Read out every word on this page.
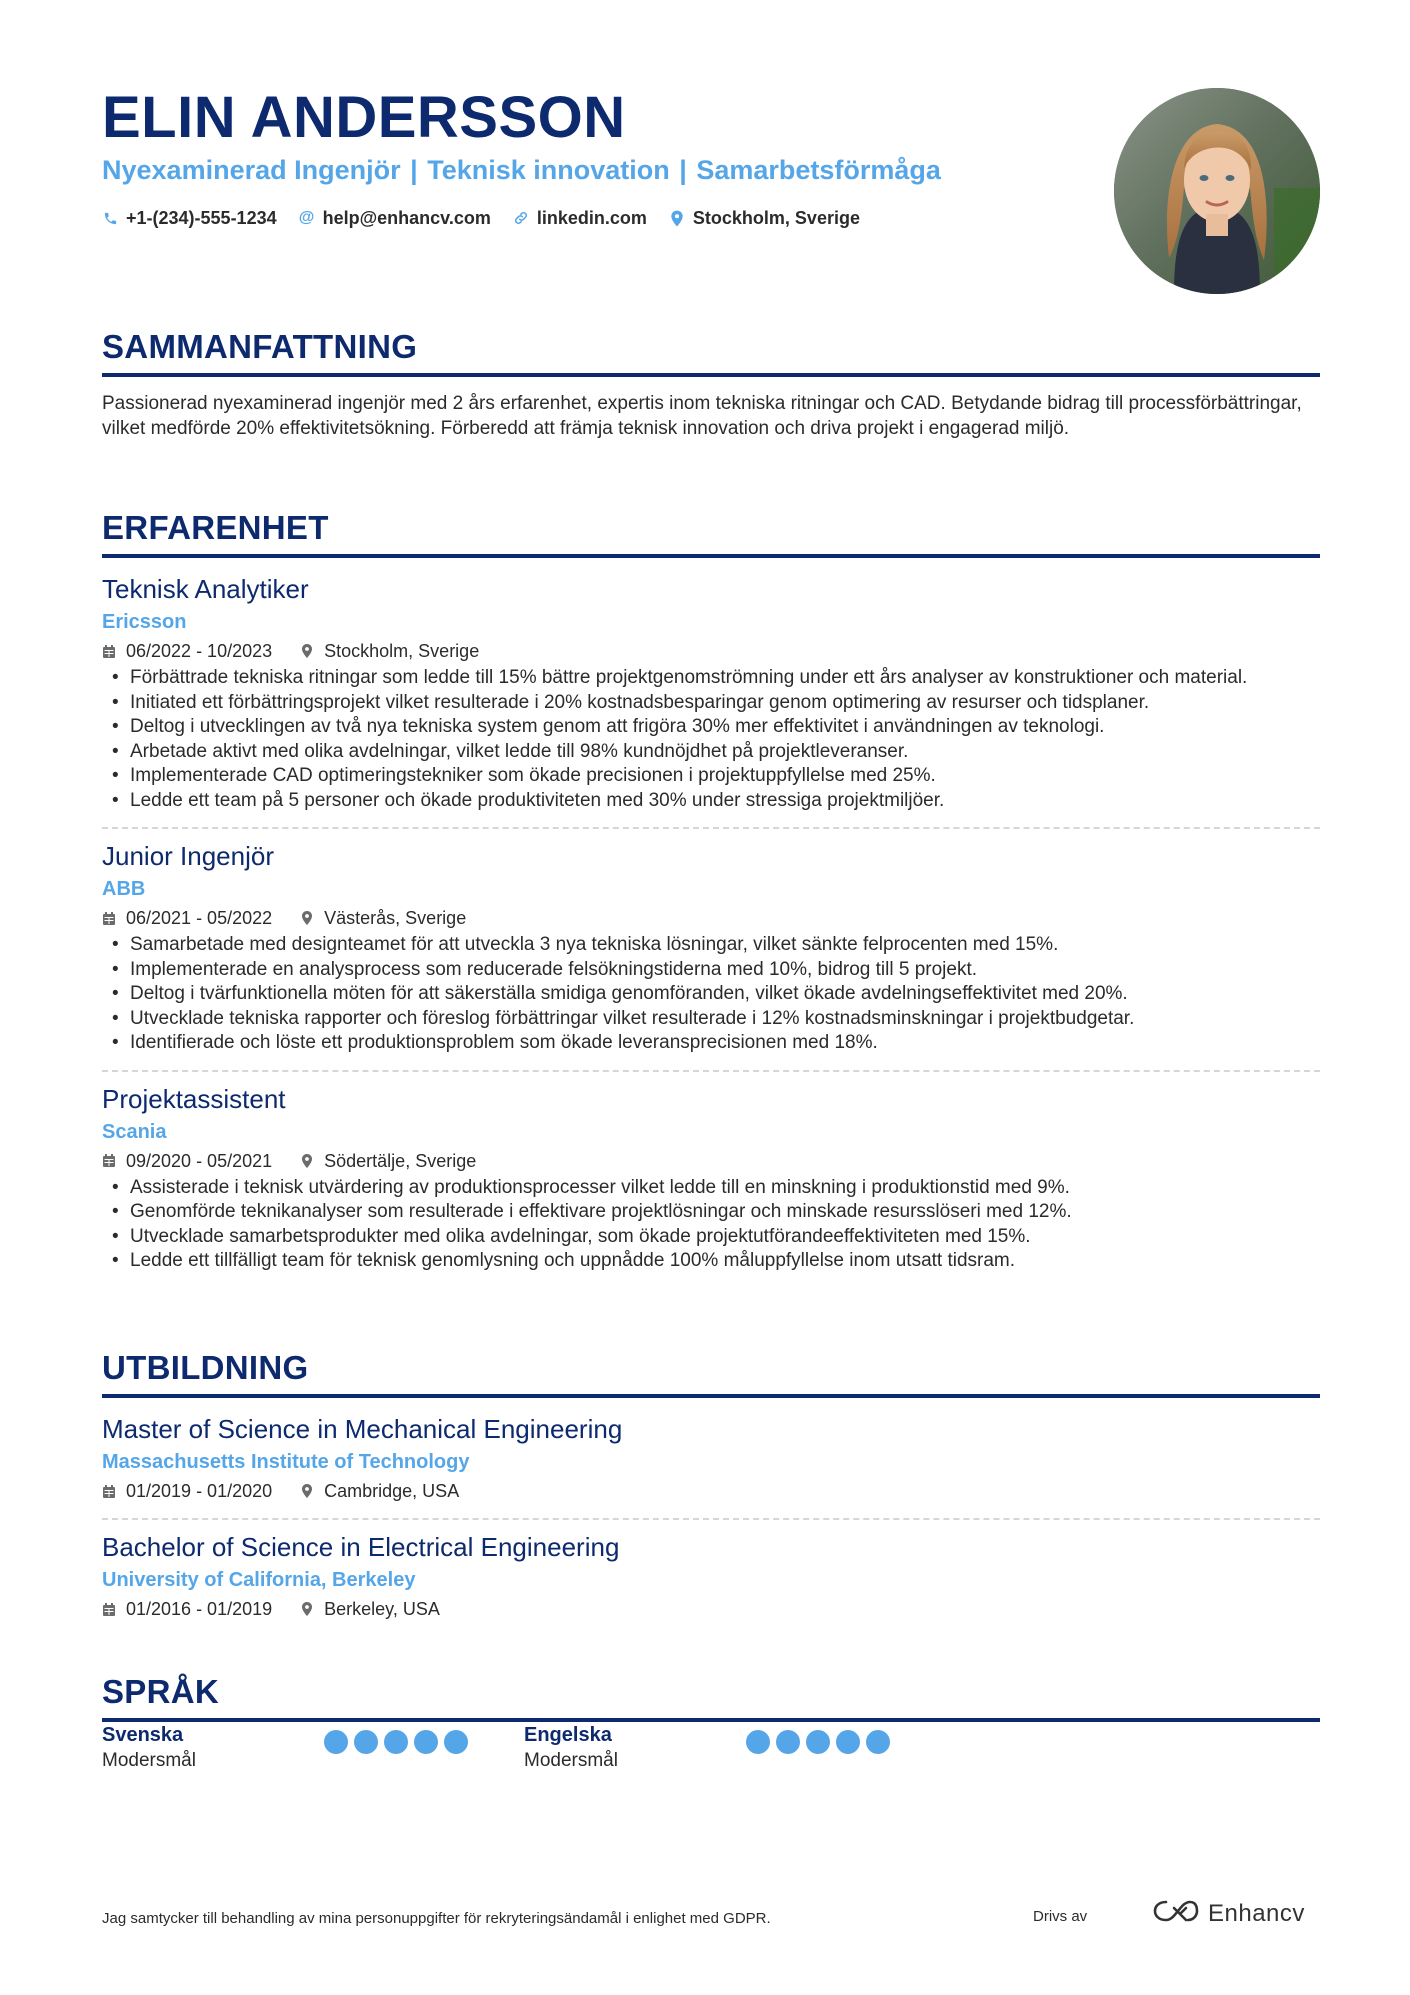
ELIN ANDERSSON
Nyexaminerad Ingenjör | Teknisk innovation | Samarbetsförmåga
+1-(234)-555-1234 @ help@enhancv.com	linkedin.com	Stockholm, Sverige
SAMMANFATTNING
Passionerad nyexaminerad ingenjör med 2 års erfarenhet, expertis inom tekniska ritningar och CAD. Betydande bidrag till processförbättringar, vilket medförde 20% effektivitetsökning. Förberedd att främja teknisk innovation och driva projekt i engagerad miljö.
ERFARENHET
Teknisk Analytiker
Ericsson
06/2022 - 10/2023	Stockholm, Sverige
• Förbättrade tekniska ritningar som ledde till 15% bättre projektgenomströmning under ett års analyser av konstruktioner och material.
• Initiated ett förbättringsprojekt vilket resulterade i 20% kostnadsbesparingar genom optimering av resurser och tidsplaner.
• Deltog i utvecklingen av två nya tekniska system genom att frigöra 30% mer effektivitet i användningen av teknologi.
• Arbetade aktivt med olika avdelningar, vilket ledde till 98% kundnöjdhet på projektleveranser.
• Implementerade CAD optimeringstekniker som ökade precisionen i projektuppfyllelse med 25%.
• Ledde ett team på 5 personer och ökade produktiviteten med 30% under stressiga projektmiljöer.
Junior Ingenjör
ABB
06/2021 - 05/2022	Västerås, Sverige
• Samarbetade med designteamet för att utveckla 3 nya tekniska lösningar, vilket sänkte felprocenten med 15%.
• Implementerade en analysprocess som reducerade felsökningstiderna med 10%, bidrog till 5 projekt.
• Deltog i tvärfunktionella möten för att säkerställa smidiga genomföranden, vilket ökade avdelningseffektivitet med 20%.
• Utvecklade tekniska rapporter och föreslog förbättringar vilket resulterade i 12% kostnadsminskningar i projektbudgetar.
• Identifierade och löste ett produktionsproblem som ökade leveransprecisionen med 18%.
Projektassistent
Scania
09/2020 - 05/2021	Södertälje, Sverige
• Assisterade i teknisk utvärdering av produktionsprocesser vilket ledde till en minskning i produktionstid med 9%.
• Genomförde teknikanalyser som resulterade i effektivare projektlösningar och minskade resursslöseri med 12%.
• Utvecklade samarbetsprodukter med olika avdelningar, som ökade projektutförandeeffektiviteten med 15%.
• Ledde ett tillfälligt team för teknisk genomlysning och uppnådde 100% måluppfyllelse inom utsatt tidsram.
UTBILDNING
Master of Science in Mechanical Engineering
Massachusetts Institute of Technology
01/2019 - 01/2020	Cambridge, USA
Bachelor of Science in Electrical Engineering
University of California, Berkeley
01/2016 - 01/2019	Berkeley, USA
SPRÅK
Svenska
Modersmål
Engelska
Modersmål
Jag samtycker till behandling av mina personuppgifter för rekryteringsändamål i enlighet med GDPR.	Drivs av	Enhancv
